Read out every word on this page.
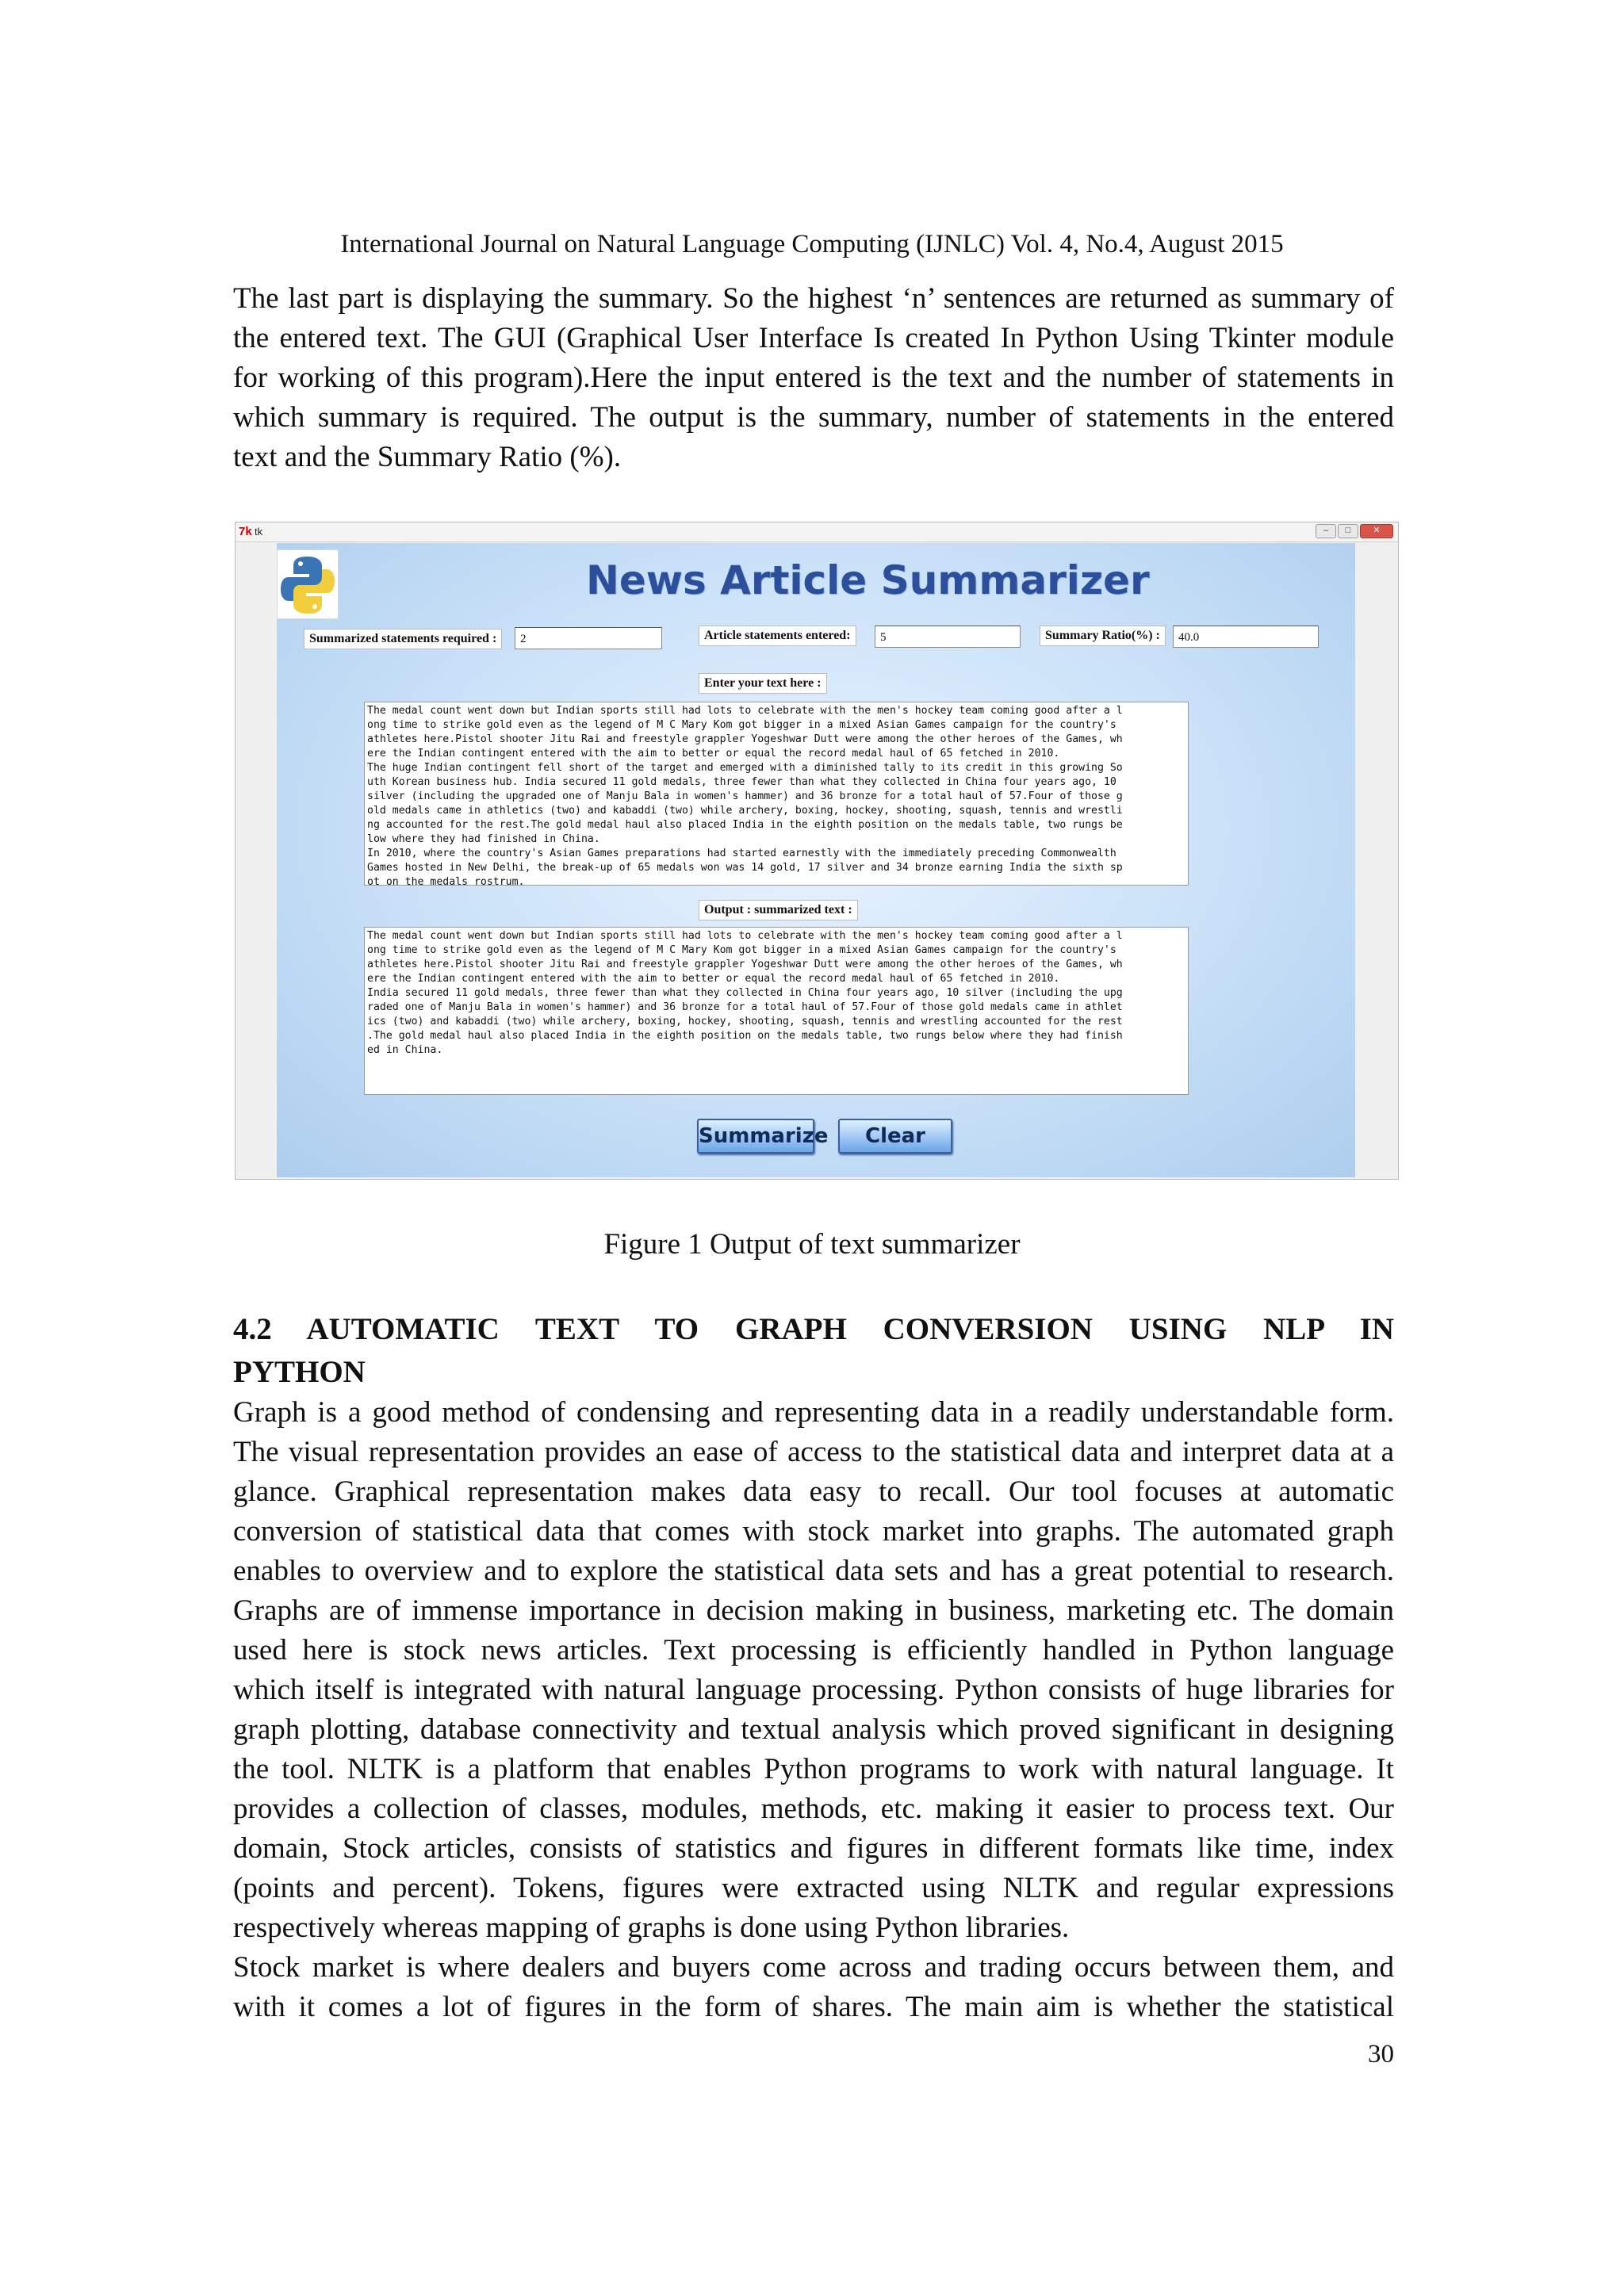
International Journal on Natural Language Computing (IJNLC) Vol. 4, No.4, August 2015
The last part is displaying the summary. So the highest ‘n’ sentences are returned as summary of
the entered text. The GUI (Graphical User Interface Is created In Python Using Tkinter module
for working of this program).Here the input entered is the text and the number of statements in
which summary is required. The output is the summary, number of statements in the entered
text and the Summary Ratio (%).
7k tk	–	□	✕
News Article Summarizer
Summarized statements required :	2	Article statements entered:	5	Summary Ratio(%) :	40.0
Enter your text here :
The medal count went down but Indian sports still had lots to celebrate with the men's hockey team coming good after a l
ong time to strike gold even as the legend of M C Mary Kom got bigger in a mixed Asian Games campaign for the country's
athletes here.Pistol shooter Jitu Rai and freestyle grappler Yogeshwar Dutt were among the other heroes of the Games, wh
ere the Indian contingent entered with the aim to better or equal the record medal haul of 65 fetched in 2010.
The huge Indian contingent fell short of the target and emerged with a diminished tally to its credit in this growing So
uth Korean business hub. India secured 11 gold medals, three fewer than what they collected in China four years ago, 10
silver (including the upgraded one of Manju Bala in women's hammer) and 36 bronze for a total haul of 57.Four of those g
old medals came in athletics (two) and kabaddi (two) while archery, boxing, hockey, shooting, squash, tennis and wrestli
ng accounted for the rest.The gold medal haul also placed India in the eighth position on the medals table, two rungs be
low where they had finished in China.
In 2010, where the country's Asian Games preparations had started earnestly with the immediately preceding Commonwealth
Games hosted in New Delhi, the break-up of 65 medals won was 14 gold, 17 silver and 34 bronze earning India the sixth sp
ot on the medals rostrum.
Output : summarized text :
The medal count went down but Indian sports still had lots to celebrate with the men's hockey team coming good after a l
ong time to strike gold even as the legend of M C Mary Kom got bigger in a mixed Asian Games campaign for the country's
athletes here.Pistol shooter Jitu Rai and freestyle grappler Yogeshwar Dutt were among the other heroes of the Games, wh
ere the Indian contingent entered with the aim to better or equal the record medal haul of 65 fetched in 2010.
India secured 11 gold medals, three fewer than what they collected in China four years ago, 10 silver (including the upg
raded one of Manju Bala in women's hammer) and 36 bronze for a total haul of 57.Four of those gold medals came in athlet
ics (two) and kabaddi (two) while archery, boxing, hockey, shooting, squash, tennis and wrestling accounted for the rest
.The gold medal haul also placed India in the eighth position on the medals table, two rungs below where they had finish
ed in China.
Summarize	Clear
Figure 1 Output of text summarizer
4.2 AUTOMATIC TEXT TO GRAPH CONVERSION USING NLP IN
PYTHON
Graph is a good method of condensing and representing data in a readily understandable form.
The visual representation provides an ease of access to the statistical data and interpret data at a
glance. Graphical representation makes data easy to recall. Our tool focuses at automatic
conversion of statistical data that comes with stock market into graphs. The automated graph
enables to overview and to explore the statistical data sets and has a great potential to research.
Graphs are of immense importance in decision making in business, marketing etc. The domain
used here is stock news articles. Text processing is efficiently handled in Python language
which itself is integrated with natural language processing. Python consists of huge libraries for
graph plotting, database connectivity and textual analysis which proved significant in designing
the tool. NLTK is a platform that enables Python programs to work with natural language. It
provides a collection of classes, modules, methods, etc. making it easier to process text. Our
domain, Stock articles, consists of statistics and figures in different formats like time, index
(points and percent). Tokens, figures were extracted using NLTK and regular expressions
respectively whereas mapping of graphs is done using Python libraries.
Stock market is where dealers and buyers come across and trading occurs between them, and
with it comes a lot of figures in the form of shares. The main aim is whether the statistical
30
